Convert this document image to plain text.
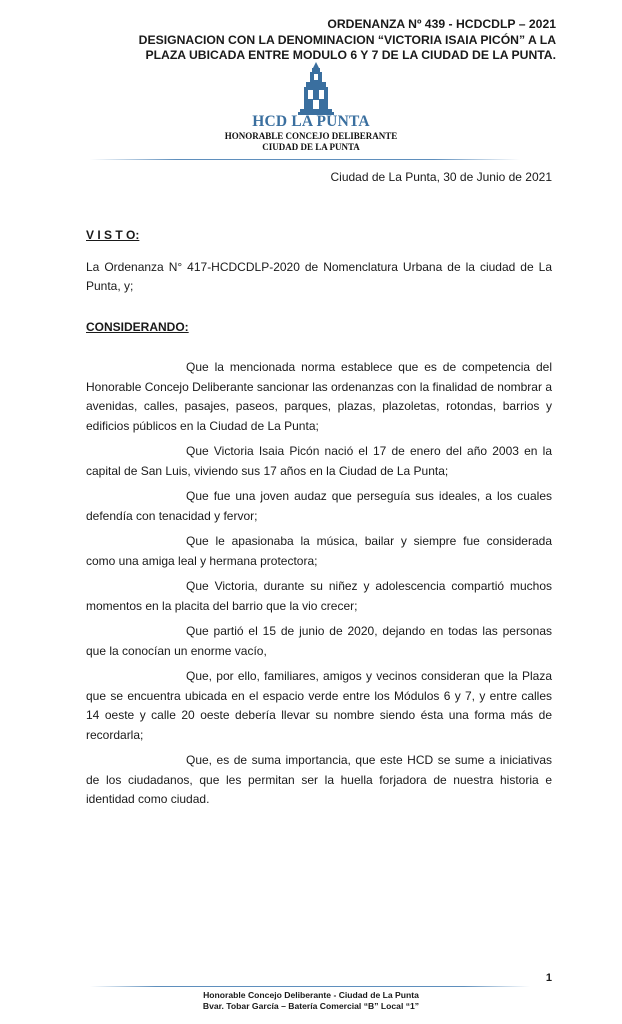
ORDENANZA Nº 439 - HCDCDLP – 2021
DESIGNACION CON LA DENOMINACION “VICTORIA ISAIA PICÓN” A LA
PLAZA UBICADA ENTRE MODULO 6 Y 7 DE LA CIUDAD DE LA PUNTA.
HCD LA PUNTA
HONORABLE CONCEJO DELIBERANTE
CIUDAD DE LA PUNTA
Ciudad de La Punta, 30 de Junio de 2021

V I S T O:

La Ordenanza N° 417-HCDCDLP-2020 de Nomenclatura Urbana de la ciudad de La Punta, y;

CONSIDERANDO:

Que la mencionada norma establece que es de competencia del Honorable Concejo Deliberante sancionar las ordenanzas con la finalidad de nombrar a avenidas, calles, pasajes, paseos, parques, plazas, plazoletas, rotondas, barrios y edificios públicos en la Ciudad de La Punta;

Que Victoria Isaia Picón nació el 17 de enero del año 2003 en la capital de San Luis, viviendo sus 17 años en la Ciudad de La Punta;

Que fue una joven audaz que perseguía sus ideales, a los cuales defendía con tenacidad y fervor;

Que le apasionaba la música, bailar y siempre fue considerada como una amiga leal y hermana protectora;

Que Victoria, durante su niñez y adolescencia compartió muchos momentos en la placita del barrio que la vio crecer;

Que partió el 15 de junio de 2020, dejando en todas las personas que la conocían un enorme vacío,

Que, por ello, familiares, amigos y vecinos consideran que la Plaza que se encuentra ubicada en el espacio verde entre los Módulos 6 y 7, y entre calles 14 oeste y calle 20 oeste debería llevar su nombre siendo ésta una forma más de recordarla;

Que, es de suma importancia, que este HCD se sume a iniciativas de los ciudadanos, que les permitan ser la huella forjadora de nuestra historia e identidad como ciudad.

1
Honorable Concejo Deliberante - Ciudad de La Punta
Bvar. Tobar García – Batería Comercial “B” Local “1”
